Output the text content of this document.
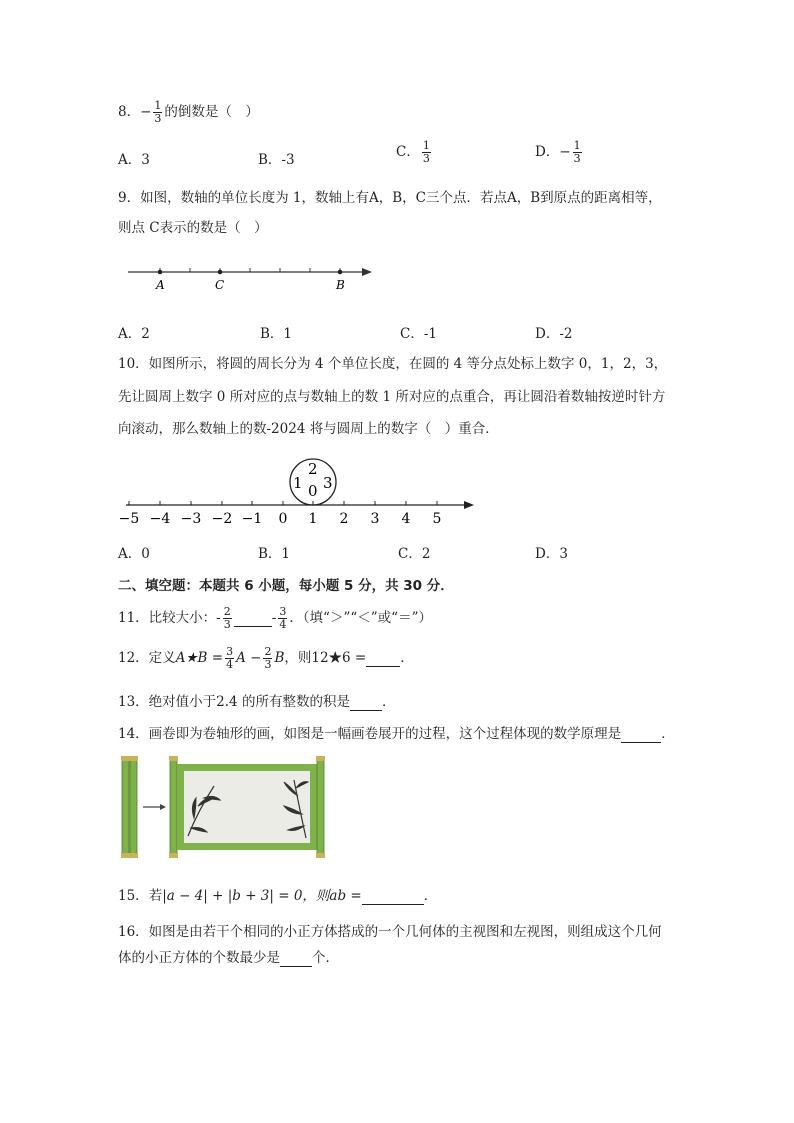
8．− $\frac{1}{3}$ 的倒数是（　）
A．3	B．-3	C． $\frac{1}{3}$	D．− $\frac{1}{3}$
9．如图，数轴的单位长度为 1，数轴上有A，B，C三个点．若点A，B到原点的距离相等，
则点 C表示的数是（　）
A	C	B
A．2	B．1	C．-1	D．-2
10．如图所示，将圆的周长分为 4 个单位长度，在圆的 4 等分点处标上数字 0，1，2，3，
先让圆周上数字 0 所对应的点与数轴上的数 1 所对应的点重合，再让圆沿着数轴按逆时针方
向滚动，那么数轴上的数-2024 将与圆周上的数字（　）重合．
2
1 3
0
−5 −4 −3 −2 −1 0 1 2 3 4 5
A．0	B．1	C．2	D．3
二、填空题：本题共 6 小题，每小题 5 分，共 30 分．
11．比较大小：- $\frac{2}{3}$	- $\frac{3}{4}$ ．（填“＞”“＜”或“＝”）
12．定义A★B = $\frac{3}{4}$ $A - \frac{2}{3}$ B，则12★6 =	．
13．绝对值小于2.4 的所有整数的积是 ．
14．画卷即为卷轴形的画，如图是一幅画卷展开的过程，这个过程体现的数学原理是	．
15．若|a − 4| + |b + 3| = 0，则ab =	．
16．如图是由若干个相同的小正方体搭成的一个几何体的主视图和左视图，则组成这个几何
体的小正方体的个数最少是 个．
